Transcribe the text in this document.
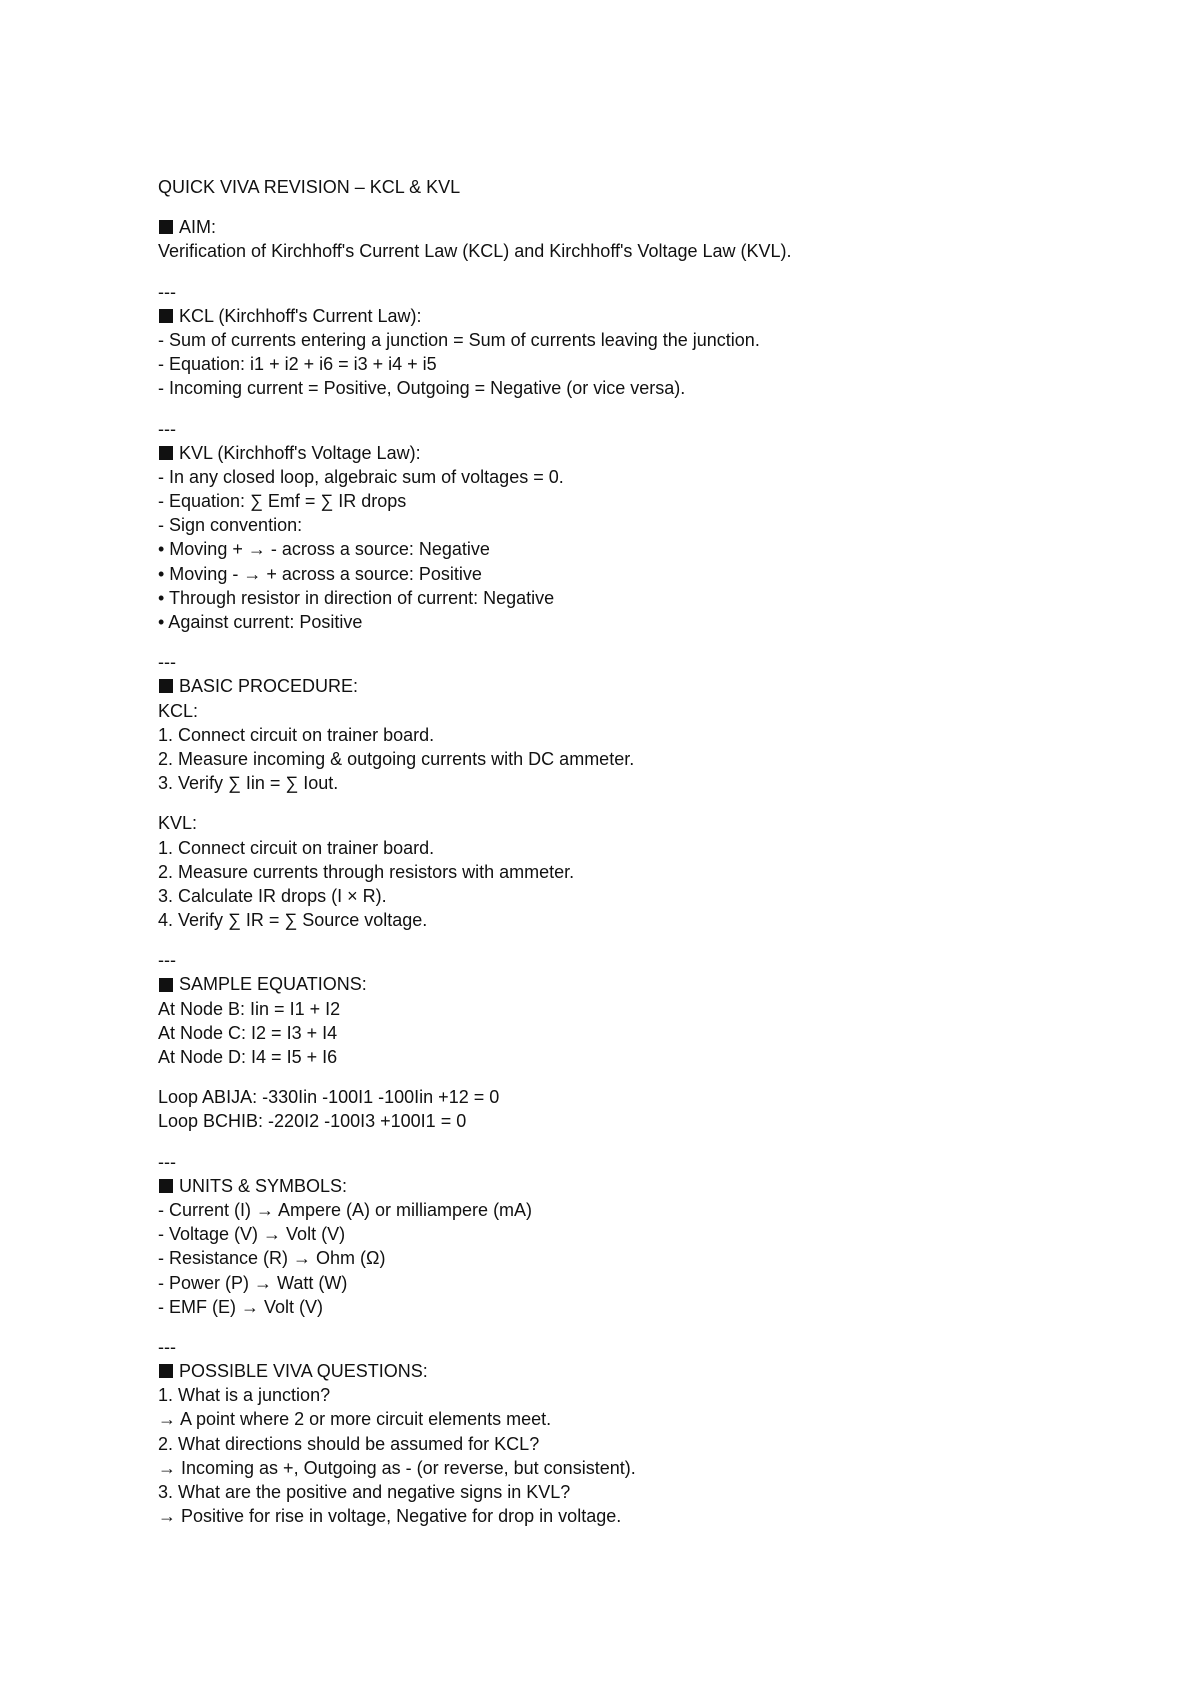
QUICK VIVA REVISION – KCL & KVL
AIM:
Verification of Kirchhoff's Current Law (KCL) and Kirchhoff's Voltage Law (KVL).
---
KCL (Kirchhoff's Current Law):
- Sum of currents entering a junction = Sum of currents leaving the junction.
- Equation: i1 + i2 + i6 = i3 + i4 + i5
- Incoming current = Positive, Outgoing = Negative (or vice versa).
---
KVL (Kirchhoff's Voltage Law):
- In any closed loop, algebraic sum of voltages = 0.
- Equation: ∑ Emf = ∑ IR drops
- Sign convention:
• Moving + → - across a source: Negative
• Moving - → + across a source: Positive
• Through resistor in direction of current: Negative
• Against current: Positive
---
BASIC PROCEDURE:
KCL:
1. Connect circuit on trainer board.
2. Measure incoming & outgoing currents with DC ammeter.
3. Verify ∑ Iin = ∑ Iout.
KVL:
1. Connect circuit on trainer board.
2. Measure currents through resistors with ammeter.
3. Calculate IR drops (I × R).
4. Verify ∑ IR = ∑ Source voltage.
---
SAMPLE EQUATIONS:
At Node B: Iin = I1 + I2
At Node C: I2 = I3 + I4
At Node D: I4 = I5 + I6
Loop ABIJA: -330Iin -100I1 -100Iin +12 = 0
Loop BCHIB: -220I2 -100I3 +100I1 = 0
---
UNITS & SYMBOLS:
- Current (I) → Ampere (A) or milliampere (mA)
- Voltage (V) → Volt (V)
- Resistance (R) → Ohm (Ω)
- Power (P) → Watt (W)
- EMF (E) → Volt (V)
---
POSSIBLE VIVA QUESTIONS:
1. What is a junction?
→ A point where 2 or more circuit elements meet.
2. What directions should be assumed for KCL?
→ Incoming as +, Outgoing as - (or reverse, but consistent).
3. What are the positive and negative signs in KVL?
→ Positive for rise in voltage, Negative for drop in voltage.
